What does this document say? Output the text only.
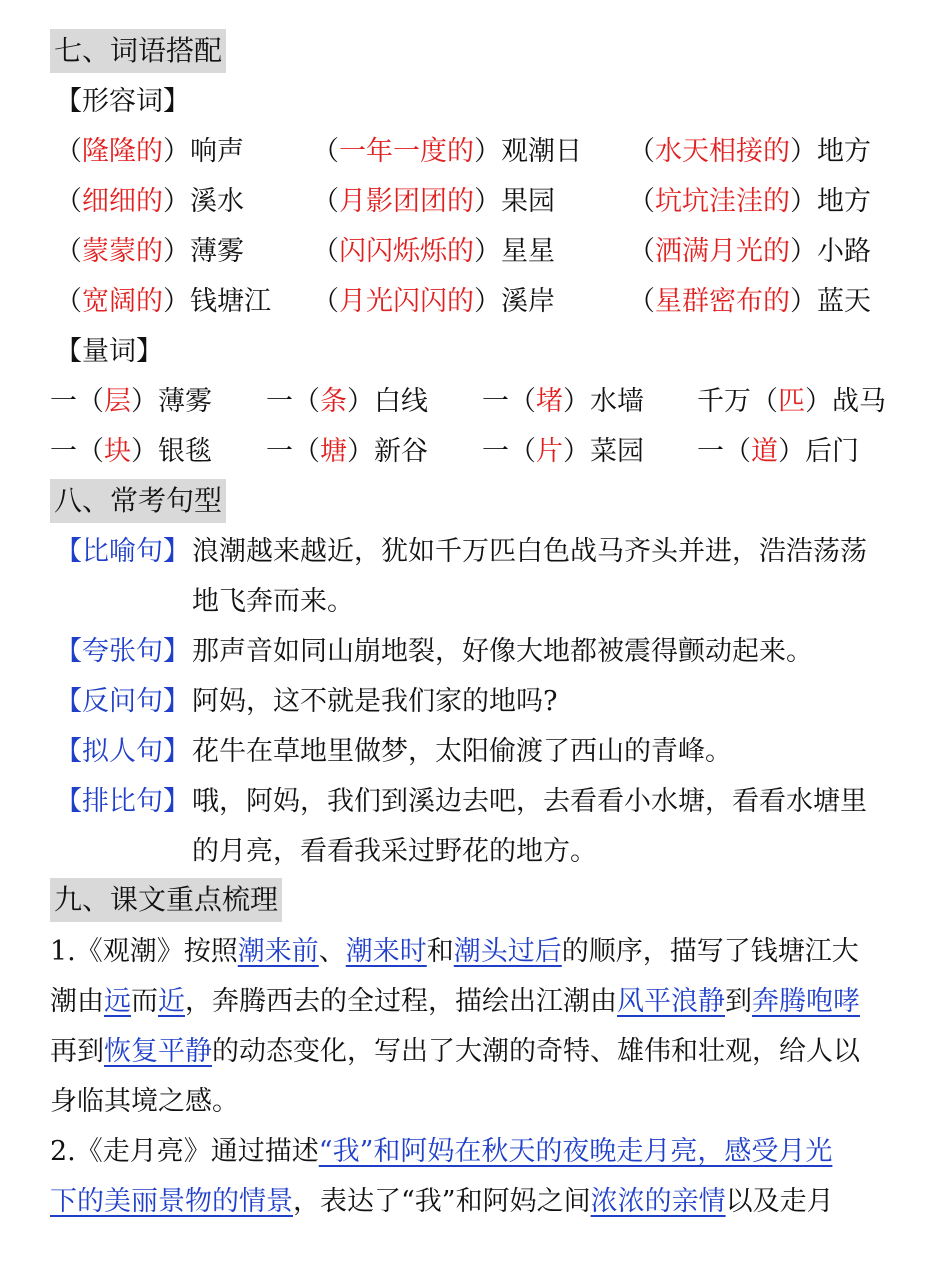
七、词语搭配
【形容词】
（隆隆的）响声	（一年一度的）观潮日 （水天相接的）地方
（细细的）溪水	（月影团团的）果园	（坑坑洼洼的）地方
（蒙蒙的）薄雾	（闪闪烁烁的）星星	（洒满月光的）小路
（宽阔的）钱塘江 （月光闪闪的）溪岸	（星群密布的）蓝天
【量词】
一（层）薄雾 一（条）白线 一（堵）水墙 千万（匹）战马
一（块）银毯 一（塘）新谷 一（片）菜园 一（道）后门
八、常考句型
【比喻句】 浪潮越来越近，犹如千万匹白色战马齐头并进，浩浩荡荡
地飞奔而来。
【夸张句】 那声音如同山崩地裂，好像大地都被震得颤动起来。
【反问句】 阿妈，这不就是我们家的地吗?
【拟人句】 花牛在草地里做梦，太阳偷渡了西山的青峰。
【排比句】 哦，阿妈，我们到溪边去吧，去看看小水塘，看看水塘里
的月亮，看看我采过野花的地方。
九、课文重点梳理
1.《观潮》按照潮来前、潮来时和潮头过后的顺序，描写了钱塘江大
潮由远而近，奔腾西去的全过程，描绘出江潮由风平浪静到奔腾咆哮
再到恢复平静的动态变化，写出了大潮的奇特、雄伟和壮观，给人以
身临其境之感。
2.《走月亮》通过描述“我”和阿妈在秋天的夜晚走月亮，感受月光
下的美丽景物的情景，表达了“我”和阿妈之间浓浓的亲情以及走月
